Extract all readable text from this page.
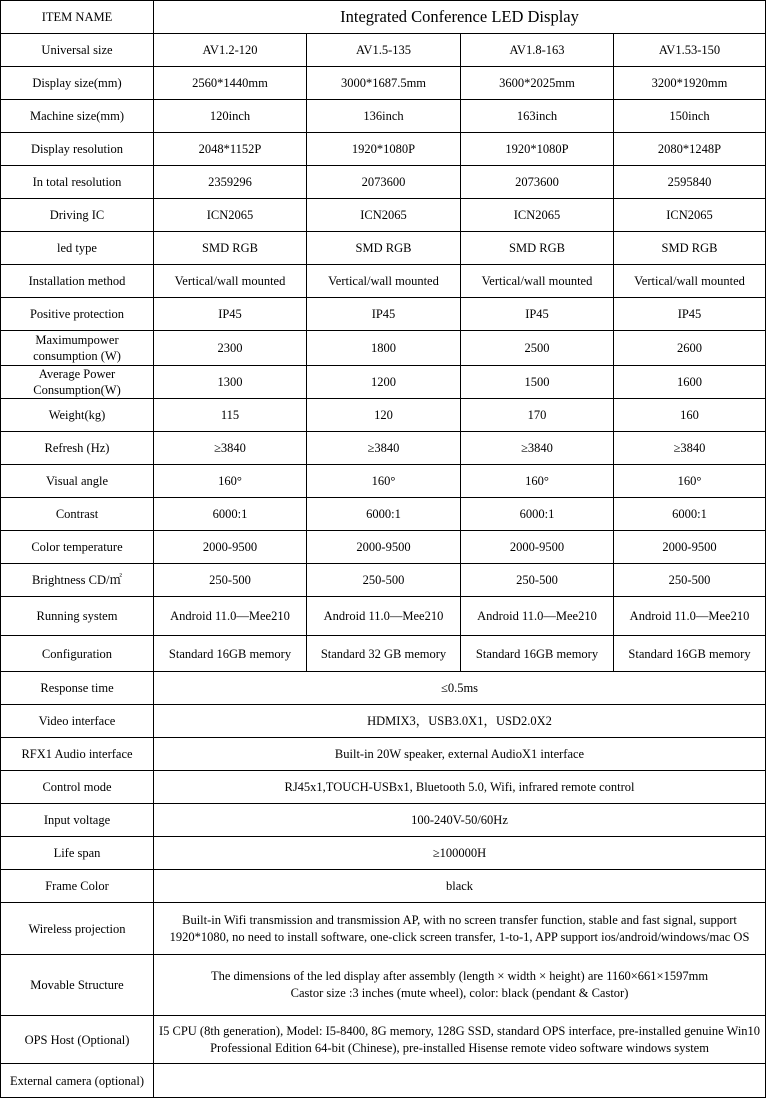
ITEM NAME	Integrated Conference LED Display			
Universal size	AV1.2-120	AV1.5-135	AV1.8-163	AV1.53-150
Display size(mm)	2560*1440mm	3000*1687.5mm	3600*2025mm	3200*1920mm
Machine size(mm)	120inch	136inch	163inch	150inch
Display resolution	2048*1152P	1920*1080P	1920*1080P	2080*1248P
In total resolution	2359296	2073600	2073600	2595840
Driving IC	ICN2065	ICN2065	ICN2065	ICN2065
led type	SMD RGB	SMD RGB	SMD RGB	SMD RGB
Installation method	Vertical/wall mounted	Vertical/wall mounted	Vertical/wall mounted	Vertical/wall mounted
Positive protection	IP45	IP45	IP45	IP45
Maximumpower consumption (W)	2300	1800	2500	2600
Average Power Consumption(W)	1300	1200	1500	1600
Weight(kg)	115	120	170	160
Refresh (Hz)	≥3840	≥3840	≥3840	≥3840
Visual angle	160°	160°	160°	160°
Contrast	6000:1	6000:1	6000:1	6000:1
Color temperature	2000-9500	2000-9500	2000-9500	2000-9500
Brightness CD/㎡	250-500	250-500	250-500	250-500
Running system	Android 11.0—Mee210	Android 11.0—Mee210	Android 11.0—Mee210	Android 11.0—Mee210
Configuration	Standard 16GB memory	Standard 32 GB memory	Standard 16GB memory	Standard 16GB memory
Response time	≤0.5ms			
Video interface	HDMIX3，USB3.0X1，USD2.0X2			
RFX1 Audio interface	Built-in 20W speaker, external AudioX1 interface			
Control mode	RJ45x1,TOUCH-USBx1, Bluetooth 5.0, Wifi, infrared remote control			
Input voltage	100-240V-50/60Hz			
Life span	≥100000H			
Frame Color	black			
Wireless projection	Built-in Wifi transmission and transmission AP, with no screen transfer function, stable and fast signal, support 1920*1080, no need to install software, one-click screen transfer, 1-to-1, APP support ios/android/windows/mac OS			
Movable Structure	The dimensions of the led display after assembly (length × width × height) are 1160×661×1597mm
Castor size :3 inches (mute wheel), color: black (pendant & Castor)			

OPS Host (Optional)	I5 CPU (8th generation), Model: I5-8400, 8G memory, 128G SSD, standard OPS interface, pre-installed genuine Win10 Professional Edition 64-bit (Chinese), pre-installed Hisense remote video software windows system			
External camera (optional)				
